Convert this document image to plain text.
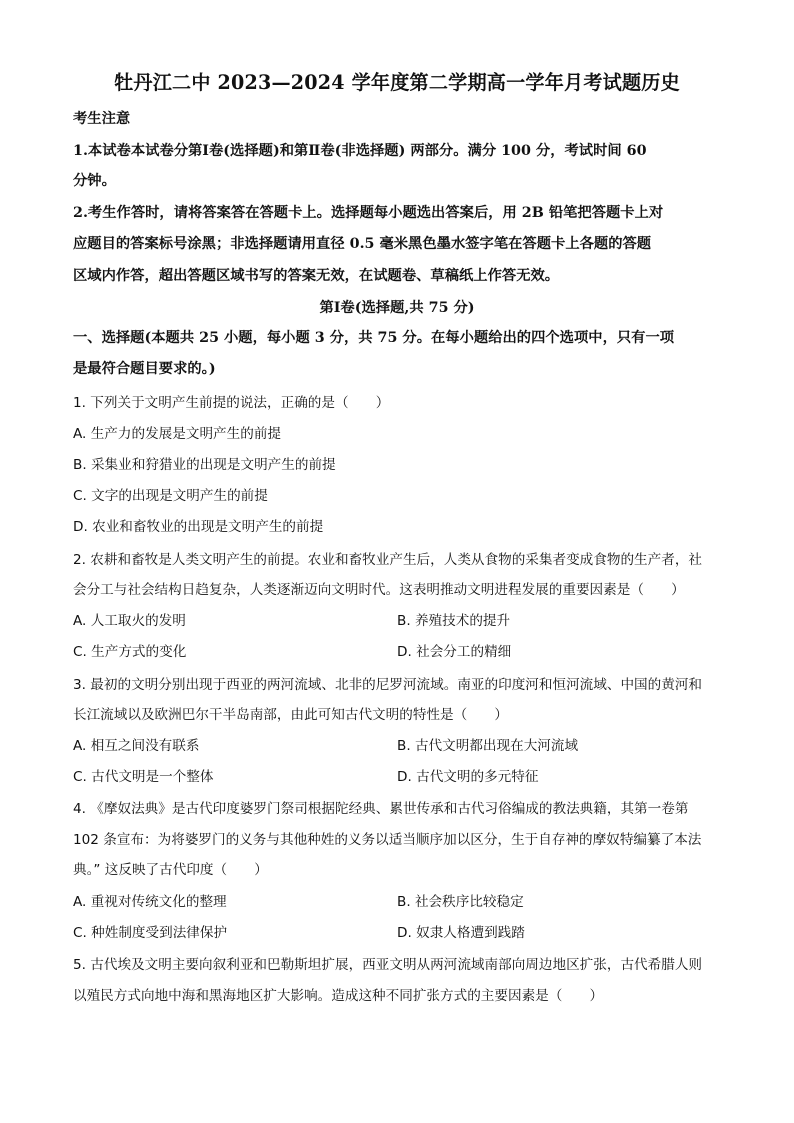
牡丹江二中 2023—2024 学年度第二学期高一学年月考试题历史
考生注意
1.本试卷本试卷分第Ⅰ卷(选择题)和第Ⅱ卷(非选择题) 两部分。满分 100 分，考试时间 60
分钟。
2.考生作答时，请将答案答在答题卡上。选择题每小题选出答案后，用 2B 铅笔把答题卡上对
应题目的答案标号涂黑；非选择题请用直径 0.5 毫米黑色墨水签字笔在答题卡上各题的答题
区域内作答，超出答题区域书写的答案无效，在试题卷、草稿纸上作答无效。
第Ⅰ卷(选择题,共 75 分)
一、选择题(本题共 25 小题，每小题 3 分，共 75 分。在每小题给出的四个选项中，只有一项
是最符合题目要求的。)
1. 下列关于文明产生前提的说法，正确的是（　　）
A. 生产力的发展是文明产生的前提
B. 采集业和狩猎业的出现是文明产生的前提
C. 文字的出现是文明产生的前提
D. 农业和畜牧业的出现是文明产生的前提
2. 农耕和畜牧是人类文明产生的前提。农业和畜牧业产生后，人类从食物的采集者变成食物的生产者，社
会分工与社会结构日趋复杂，人类逐渐迈向文明时代。这表明推动文明进程发展的重要因素是（　　）
A. 人工取火的发明	B. 养殖技术的提升
C. 生产方式的变化	D. 社会分工的精细
3. 最初的文明分别出现于西亚的两河流域、北非的尼罗河流域。南亚的印度河和恒河流域、中国的黄河和
长江流域以及欧洲巴尔干半岛南部，由此可知古代文明的特性是（　　）
A. 相互之间没有联系	B. 古代文明都出现在大河流域
C. 古代文明是一个整体	D. 古代文明的多元特征
4. 《摩奴法典》是古代印度婆罗门祭司根据陀经典、累世传承和古代习俗编成的教法典籍，其第一卷第
102 条宣布：为将婆罗门的义务与其他种姓的义务以适当顺序加以区分，生于自存神的摩奴特编纂了本法
典。” 这反映了古代印度（　　）
A. 重视对传统文化的整理	B. 社会秩序比较稳定
C. 种姓制度受到法律保护	D. 奴隶人格遭到践踏
5. 古代埃及文明主要向叙利亚和巴勒斯坦扩展，西亚文明从两河流域南部向周边地区扩张，古代希腊人则
以殖民方式向地中海和黑海地区扩大影响。造成这种不同扩张方式的主要因素是（　　）
